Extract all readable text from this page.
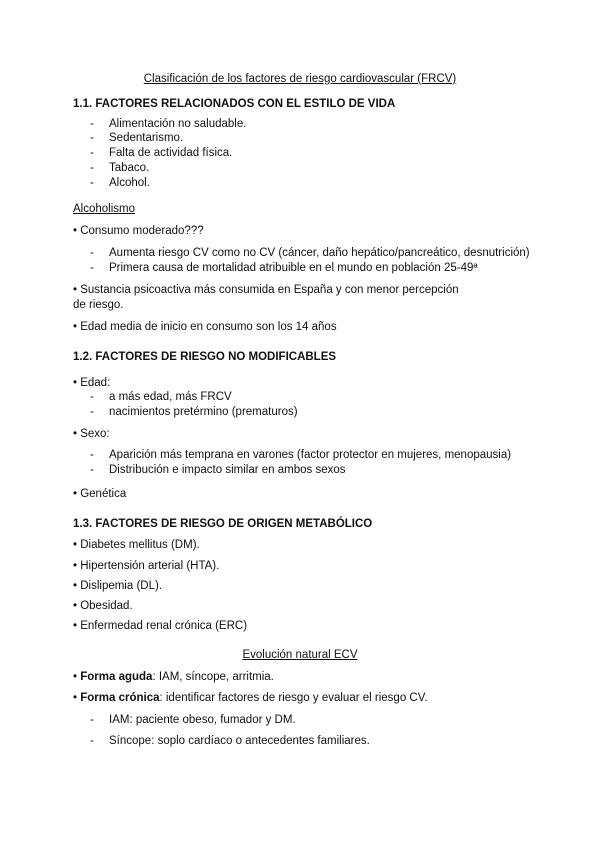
Clasificación de los factores de riesgo cardiovascular (FRCV)
1.1. FACTORES RELACIONADOS CON EL ESTILO DE VIDA
- Alimentación no saludable.
- Sedentarismo.
- Falta de actividad física.
- Tabaco.
- Alcohol.
Alcoholismo
• Consumo moderado???
- Aumenta riesgo CV como no CV (cáncer, daño hepático/pancreático, desnutrición)
- Primera causa de mortalidad atribuible en el mundo en población 25-49ª
• Sustancia psicoactiva más consumida en España y con menor percepción
de riesgo.
• Edad media de inicio en consumo son los 14 años
1.2. FACTORES DE RIESGO NO MODIFICABLES
• Edad:
- a más edad, más FRCV
- nacimientos pretérmino (prematuros)
• Sexo:
- Aparición más temprana en varones (factor protector en mujeres, menopausia)
- Distribución e impacto similar en ambos sexos
• Genética
1.3. FACTORES DE RIESGO DE ORIGEN METABÓLICO
• Diabetes mellitus (DM).
• Hipertensión arterial (HTA).
• Dislipemia (DL).
• Obesidad.
• Enfermedad renal crónica (ERC)
Evolución natural ECV
• Forma aguda: IAM, síncope, arritmia.
• Forma crónica: identificar factores de riesgo y evaluar el riesgo CV.
- IAM: paciente obeso, fumador y DM.
- Síncope: soplo cardíaco o antecedentes familiares.
